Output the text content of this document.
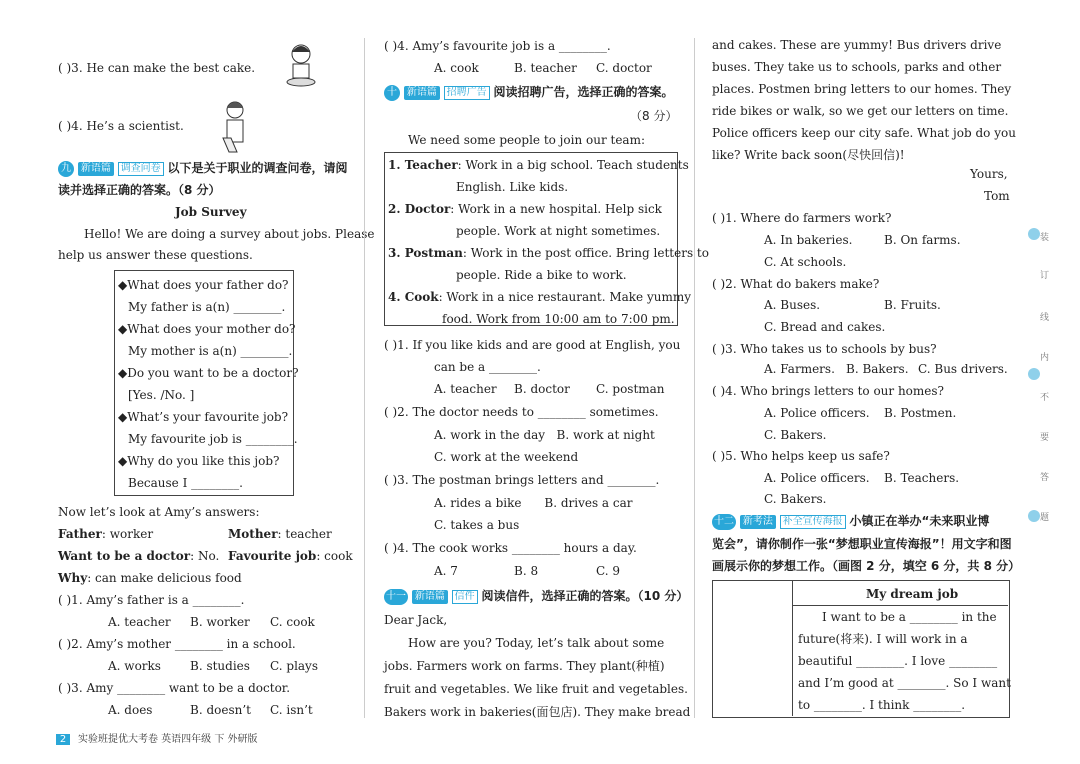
( )3. He can make the best cake.
( )4. He’s a scientist.
九 新语篇 调查问卷 以下是关于职业的调查问卷，请阅
读并选择正确的答案。（8 分）
Job Survey
Hello! We are doing a survey about jobs. Please
help us answer these questions.
◆What does your father do?
My father is a(n) ________.
◆What does your mother do?
My mother is a(n) ________.
◆Do you want to be a doctor?
[Yes. /No. ]
◆What’s your favourite job?
My favourite job is ________.
◆Why do you like this job?
Because I ________.
Now let’s look at Amy’s answers:
Father: worker	Mother: teacher
Want to be a doctor: No. Favourite job: cook
Why: can make delicious food
( )1. Amy’s father is a ________.
A. teacher B. worker C. cook
( )2. Amy’s mother ________ in a school.
A. works B. studies C. plays
( )3. Amy ________ want to be a doctor.
A. does	B. doesn’t C. isn’t
( )4. Amy’s favourite job is a ________.
A. cook	B. teacher C. doctor
十 新语篇 招聘广告 阅读招聘广告，选择正确的答案。
（8 分）
We need some people to join our team:
1. Teacher: Work in a big school. Teach students
English. Like kids.
2. Doctor: Work in a new hospital. Help sick
people. Work at night sometimes.
3. Postman: Work in the post office. Bring letters to
people. Ride a bike to work.
4. Cook: Work in a nice restaurant. Make yummy
food. Work from 10:00 am to 7:00 pm.
( )1. If you like kids and are good at English, you
can be a ________.
A. teacher B. doctor C. postman
( )2. The doctor needs to ________ sometimes.
A. work in the day   B. work at night
C. work at the weekend
( )3. The postman brings letters and ________.
A. rides a bike      B. drives a car
C. takes a bus
( )4. The cook works ________ hours a day.
A. 7	B. 8	C. 9
十一 新语篇 信件 阅读信件，选择正确的答案。（10 分）
Dear Jack,
How are you? Today, let’s talk about some
jobs. Farmers work on farms. They plant(种植)
fruit and vegetables. We like fruit and vegetables.
Bakers work in bakeries(面包店). They make bread
and cakes. These are yummy! Bus drivers drive
buses. They take us to schools, parks and other
places. Postmen bring letters to our homes. They
ride bikes or walk, so we get our letters on time.
Police officers keep our city safe. What job do you
like? Write back soon(尽快回信)!
Yours,
Tom
( )1. Where do farmers work?
A. In bakeries.	B. On farms.
C. At schools.
( )2. What do bakers make?
A. Buses.	B. Fruits.
C. Bread and cakes.
( )3. Who takes us to schools by bus?
A. Farmers. B. Bakers. C. Bus drivers.
( )4. Who brings letters to our homes?
A. Police officers. B. Postmen.
C. Bakers.
( )5. Who helps keep us safe?
A. Police officers. B. Teachers.
C. Bakers.
十二 新考法 补全宣传海报 小镇正在举办“未来职业博
览会”，请你制作一张“梦想职业宣传海报”！用文字和图
画展示你的梦想工作。（画图 2 分，填空 6 分，共 8 分）
My dream job
I want to be a ________ in the
future(将来). I will work in a
beautiful ________. I love ________
and I’m good at ________. So I want
to ________. I think ________.
装
订
线
内
不
要
答
题
2 实验班提优大考卷 英语四年级 下 外研版
